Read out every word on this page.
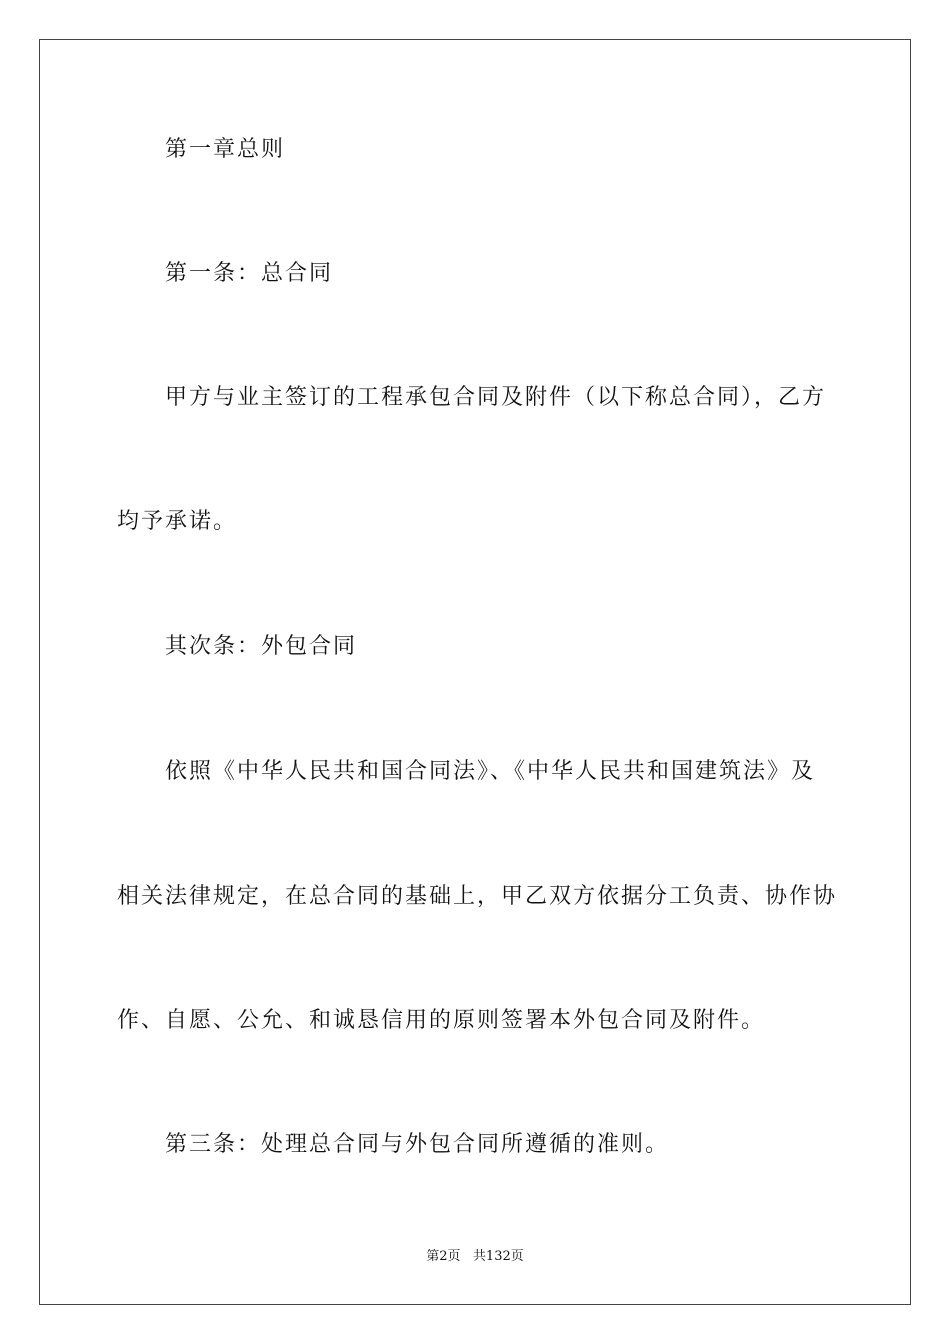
第一章总则
第一条：总合同
甲方与业主签订的工程承包合同及附件（以下称总合同），乙方
均予承诺。
其次条：外包合同
依照《中华人民共和国合同法》、《中华人民共和国建筑法》及
相关法律规定，在总合同的基础上，甲乙双方依据分工负责、协作协
作、自愿、公允、和诚恳信用的原则签署本外包合同及附件。
第三条：处理总合同与外包合同所遵循的准则。
第2页 共132页
